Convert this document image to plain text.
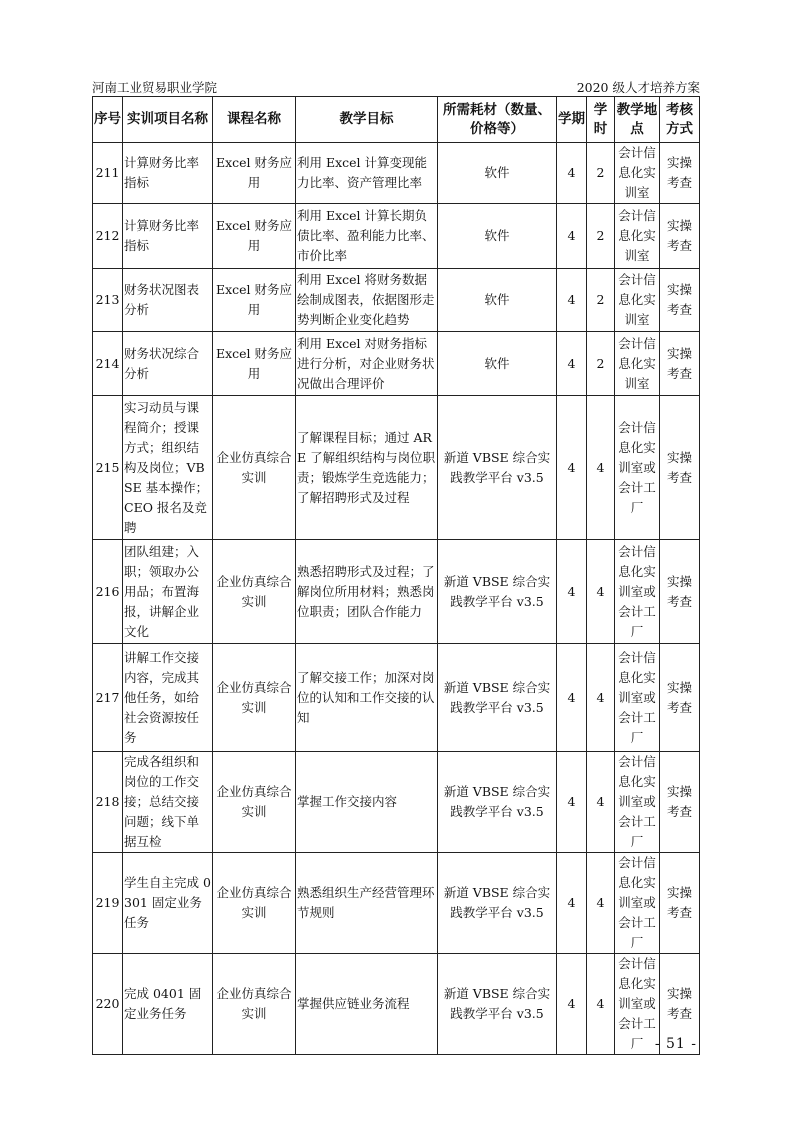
河南工业贸易职业学院	2020 级人才培养方案
序号	实训项目名称	课程名称	教学目标	所需耗材（数量、价格等）	学期	学时	教学地点	考核方式
211	计算财务比率指标	Excel 财务应用	利用 Excel 计算变现能力比率、资产管理比率	软件	4	2	会计信息化实训室	实操考查
212	计算财务比率指标	Excel 财务应用	利用 Excel 计算长期负债比率、盈利能力比率、市价比率	软件	4	2	会计信息化实训室	实操考查
213	财务状况图表分析	Excel 财务应用	利用 Excel 将财务数据绘制成图表，依据图形走势判断企业变化趋势	软件	4	2	会计信息化实训室	实操考查
214	财务状况综合分析	Excel 财务应用	利用 Excel 对财务指标进行分析，对企业财务状况做出合理评价	软件	4	2	会计信息化实训室	实操考查
215	实习动员与课程简介；授课方式；组织结构及岗位；VBSE 基本操作；CEO 报名及竞聘	企业仿真综合实训	了解课程目标；通过 ARE 了解组织结构与岗位职责；锻炼学生竞选能力；了解招聘形式及过程	新道 VBSE 综合实践教学平台 v3.5	4	4	会计信息化实训室或会计工厂	实操考查
216	团队组建；入职；领取办公用品；布置海报，讲解企业文化	企业仿真综合实训	熟悉招聘形式及过程；了解岗位所用材料；熟悉岗位职责；团队合作能力	新道 VBSE 综合实践教学平台 v3.5	4	4	会计信息化实训室或会计工厂	实操考查
217	讲解工作交接内容，完成其他任务，如给社会资源按任务	企业仿真综合实训	了解交接工作；加深对岗位的认知和工作交接的认知	新道 VBSE 综合实践教学平台 v3.5	4	4	会计信息化实训室或会计工厂	实操考查
218	完成各组织和岗位的工作交接；总结交接问题；线下单据互检	企业仿真综合实训	掌握工作交接内容	新道 VBSE 综合实践教学平台 v3.5	4	4	会计信息化实训室或会计工厂	实操考查
219	学生自主完成 0301 固定业务任务	企业仿真综合实训	熟悉组织生产经营管理环节规则	新道 VBSE 综合实践教学平台 v3.5	4	4	会计信息化实训室或会计工厂	实操考查
220	完成 0401 固定业务任务	企业仿真综合实训	掌握供应链业务流程	新道 VBSE 综合实践教学平台 v3.5	4	4	会计信息化实训室或会计工厂	实操考查
- 51 -
